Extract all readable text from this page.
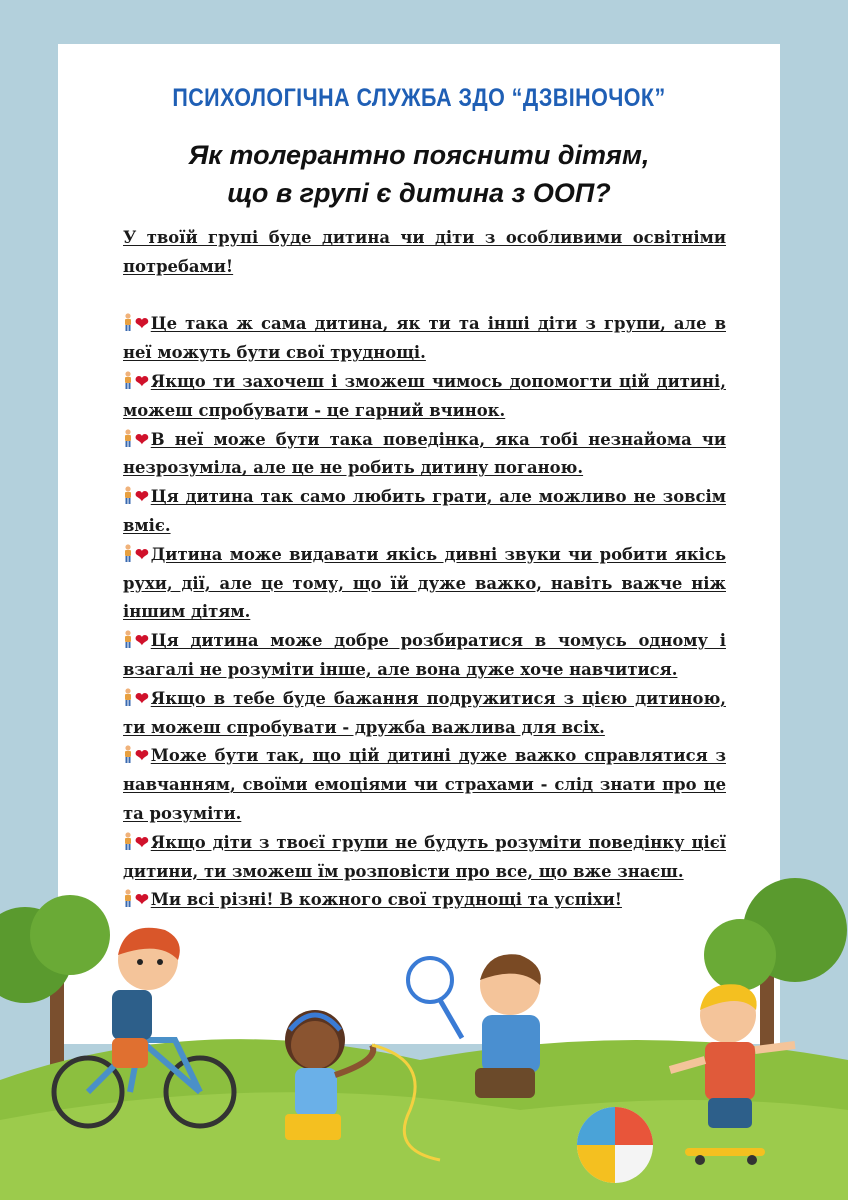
ПСИХОЛОГІЧНА СЛУЖБА ЗДО “ДЗВІНОЧОК”
Як толерантно пояснити дітям,
що в групі є дитина з ООП?

У твоїй групі буде дитина чи діти з особливими освітніми потребами!

❤ Це така ж сама дитина, як ти та інші діти з групи, але в неї можуть бути свої труднощі.

❤ Якщо ти захочеш і зможеш чимось допомогти цій дитині, можеш спробувати - це гарний вчинок.

❤ В неї може бути така поведінка, яка тобі незнайома чи незрозуміла, але це не робить дитину поганою.

❤ Ця дитина так само любить грати, але можливо не зовсім вміє.

❤ Дитина може видавати якісь дивні звуки чи робити якісь рухи, дії, але це тому, що їй дуже важко, навіть важче ніж іншим дітям.

❤ Ця дитина може добре розбиратися в чомусь одному і взагалі не розуміти інше, але вона дуже хоче навчитися.

❤ Якщо в тебе буде бажання подружитися з цією дитиною, ти можеш спробувати - дружба важлива для всіх.

❤ Може бути так, що цій дитині дуже важко справлятися з навчанням, своїми емоціями чи страхами - слід знати про це та розуміти.

❤ Якщо діти з твоєї групи не будуть розуміти поведінку цієї дитини, ти зможеш їм розповісти про все, що вже знаєш.

❤ Ми всі різні! В кожного свої труднощі та успіхи!
